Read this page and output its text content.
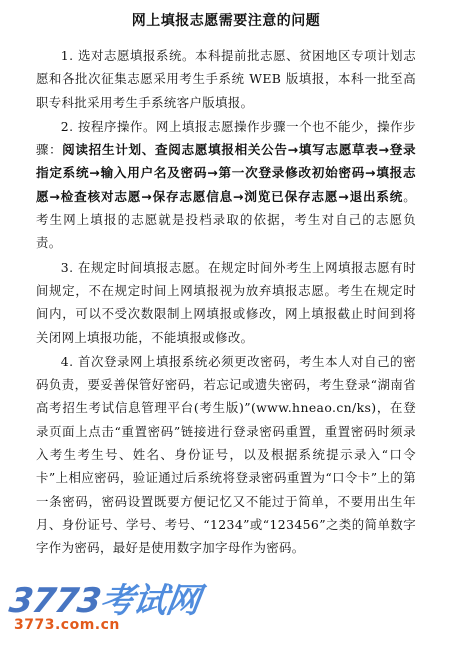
网上填报志愿需要注意的问题

1. 选对志愿填报系统。本科提前批志愿、贫困地区专项计划志愿和各批次征集志愿采用考生手系统 WEB 版填报，本科一批至高职专科批采用考生手系统客户版填报。

2. 按程序操作。网上填报志愿操作步骤一个也不能少，操作步骤：阅读招生计划、查阅志愿填报相关公告→填写志愿草表→登录指定系统→输入用户名及密码→第一次登录修改初始密码→填报志愿→检查核对志愿→保存志愿信息→浏览已保存志愿→退出系统。考生网上填报的志愿就是投档录取的依据，考生对自己的志愿负责。

3. 在规定时间填报志愿。在规定时间外考生上网填报志愿有时间规定，不在规定时间上网填报视为放弃填报志愿。考生在规定时间内，可以不受次数限制上网填报或修改，网上填报截止时间到将关闭网上填报功能，不能填报或修改。

4. 首次登录网上填报系统必须更改密码，考生本人对自己的密码负责，要妥善保管好密码，若忘记或遗失密码，考生登录“湖南省高考招生考试信息管理平台(考生版)”(www.hneao.cn/ks)，在登录页面上点击“重置密码”链接进行登录密码重置，重置密码时须录入考生考生号、姓名、身份证号，以及根据系统提示录入“口令卡”上相应密码，验证通过后系统将登录密码重置为“口令卡”上的第一条密码，密码设置既要方便记忆又不能过于简单，不要用出生年月、身份证号、学号、考号、“1234”或“123456”之类的简单数字字作为密码，最好是使用数字加字母作为密码。

3773考试网
3773.com.cn
